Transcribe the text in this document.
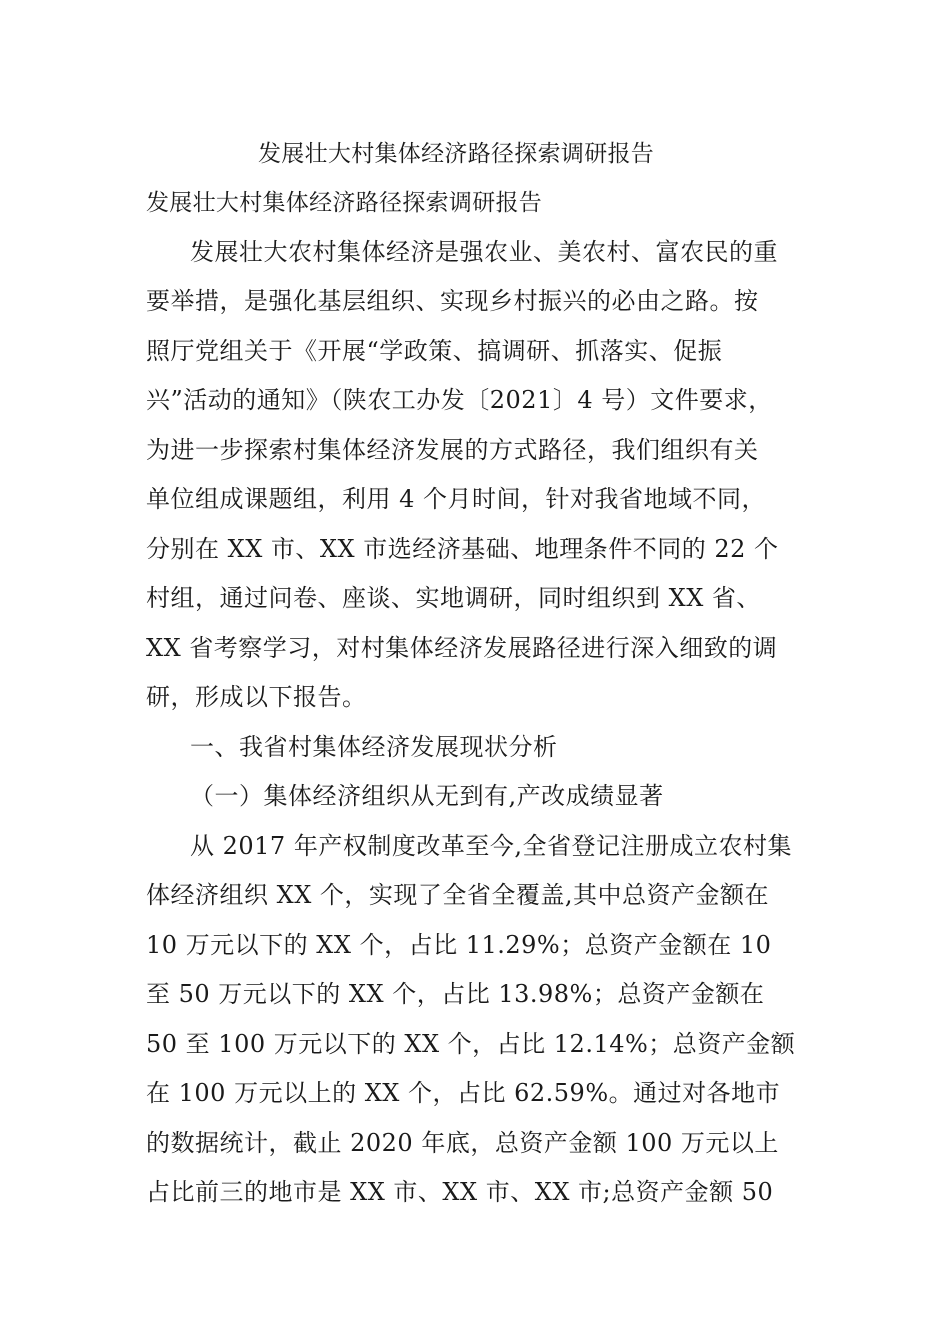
发展壮大村集体经济路径探索调研报告
发展壮大村集体经济路径探索调研报告
发展壮大农村集体经济是强农业、美农村、富农民的重
要举措，是强化基层组织、实现乡村振兴的必由之路。按
照厅党组关于《开展“学政策、搞调研、抓落实、促振
兴”活动的通知》（陕农工办发〔2021〕4 号）文件要求，
为进一步探索村集体经济发展的方式路径，我们组织有关
单位组成课题组，利用 4 个月时间，针对我省地域不同，
分别在 XX 市、XX 市选经济基础、地理条件不同的 22 个
村组，通过问卷、座谈、实地调研，同时组织到 XX 省、
XX 省考察学习，对村集体经济发展路径进行深入细致的调
研，形成以下报告。
一、我省村集体经济发展现状分析
（一）集体经济组织从无到有,产改成绩显著
从 2017 年产权制度改革至今,全省登记注册成立农村集
体经济组织 XX 个，实现了全省全覆盖,其中总资产金额在
10 万元以下的 XX 个，占比 11.29%；总资产金额在 10
至 50 万元以下的 XX 个，占比 13.98%；总资产金额在
50 至 100 万元以下的 XX 个，占比 12.14%；总资产金额
在 100 万元以上的 XX 个，占比 62.59%。通过对各地市
的数据统计，截止 2020 年底，总资产金额 100 万元以上
占比前三的地市是 XX 市、XX 市、XX 市;总资产金额 50
